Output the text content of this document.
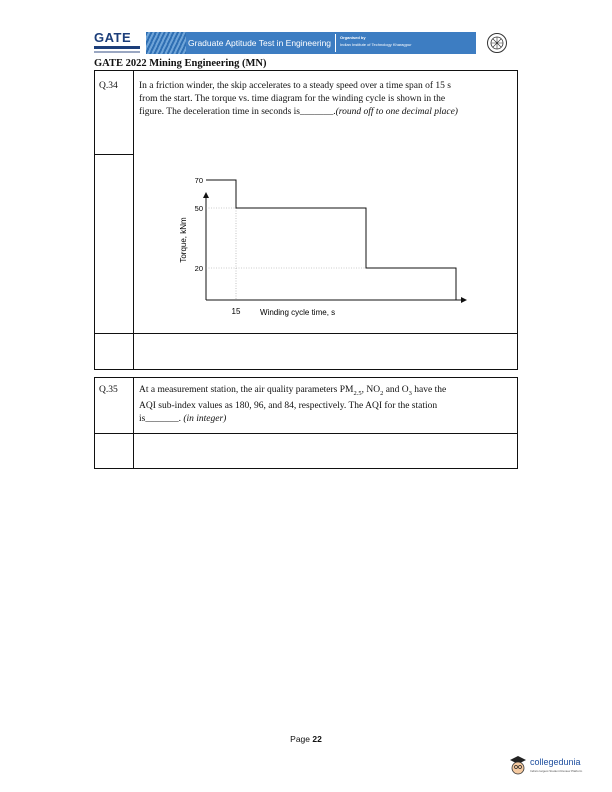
GATE	Graduate Aptitude Test in Engineering
Organised by
Indian Institute of Technology Kharagpur
GATE 2022 Mining Engineering (MN)
Q.34 In a friction winder, the skip accelerates to a steady speed over a time span of 15 s
from the start. The torque vs. time diagram for the winding cycle is shown in the
figure. The deceleration time in seconds is_______.(round off to one decimal place)
70
50
20
15 Winding cycle time, s
Torque, kNm
Q.35 At a measurement station, the air quality parameters $PM_{2.5}$, $NO_2$ and $O_3$ have the
AQI sub-index values as 180, 96, and 84, respectively. The AQI for the station
is_______. (in integer)
Page 22
collegedunia
India's largest Student Review Platform
